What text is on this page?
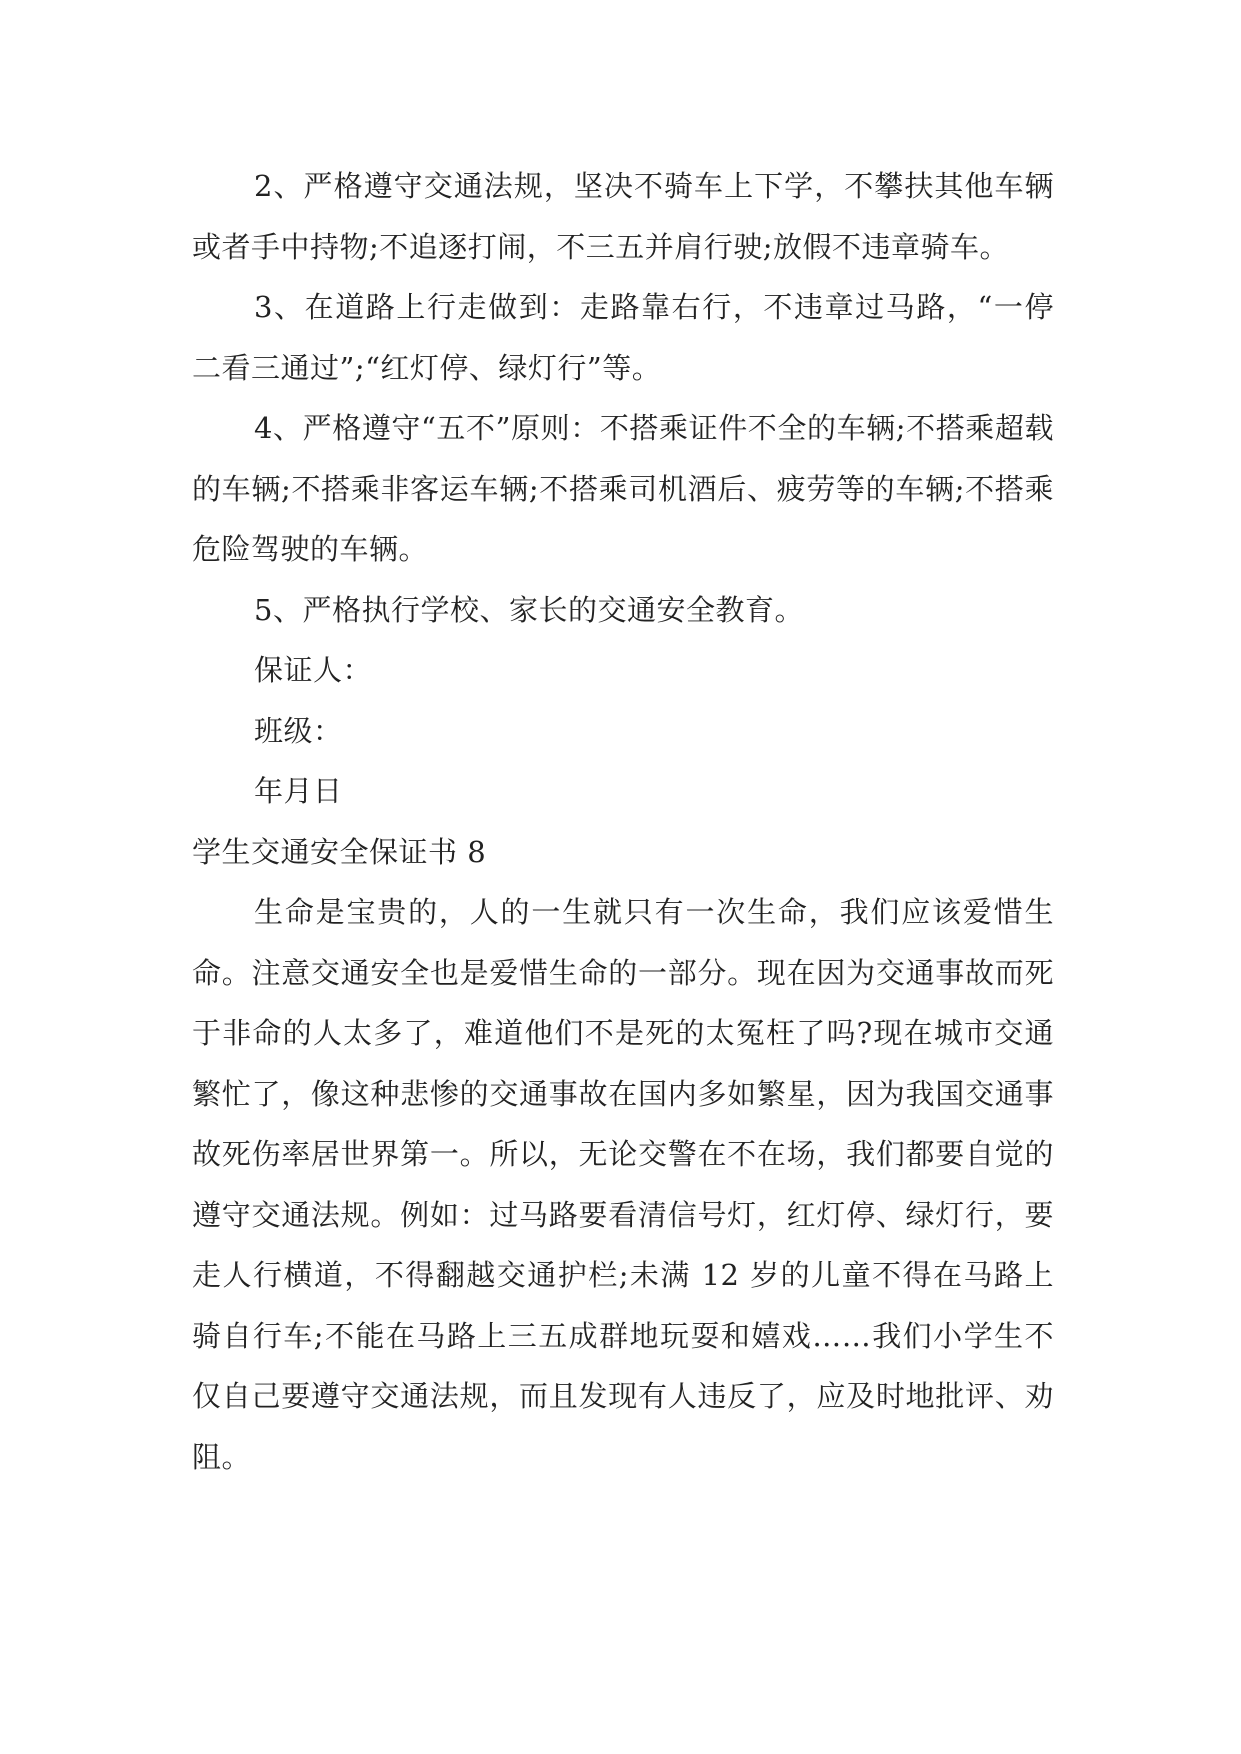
2、严格遵守交通法规，坚决不骑车上下学，不攀扶其他车辆或者手中持物;不追逐打闹，不三五并肩行驶;放假不违章骑车。

3、在道路上行走做到：走路靠右行，不违章过马路，“一停二看三通过”;“红灯停、绿灯行”等。

4、严格遵守“五不”原则：不搭乘证件不全的车辆;不搭乘超载的车辆;不搭乘非客运车辆;不搭乘司机酒后、疲劳等的车辆;不搭乘危险驾驶的车辆。

5、严格执行学校、家长的交通安全教育。

保证人：

班级：

年月日

学生交通安全保证书 8

生命是宝贵的，人的一生就只有一次生命，我们应该爱惜生命。注意交通安全也是爱惜生命的一部分。现在因为交通事故而死于非命的人太多了，难道他们不是死的太冤枉了吗?现在城市交通繁忙了，像这种悲惨的交通事故在国内多如繁星，因为我国交通事故死伤率居世界第一。所以，无论交警在不在场，我们都要自觉的遵守交通法规。例如：过马路要看清信号灯，红灯停、绿灯行，要走人行横道，不得翻越交通护栏;未满 12 岁的儿童不得在马路上骑自行车;不能在马路上三五成群地玩耍和嬉戏……我们小学生不仅自己要遵守交通法规，而且发现有人违反了，应及时地批评、劝阻。
